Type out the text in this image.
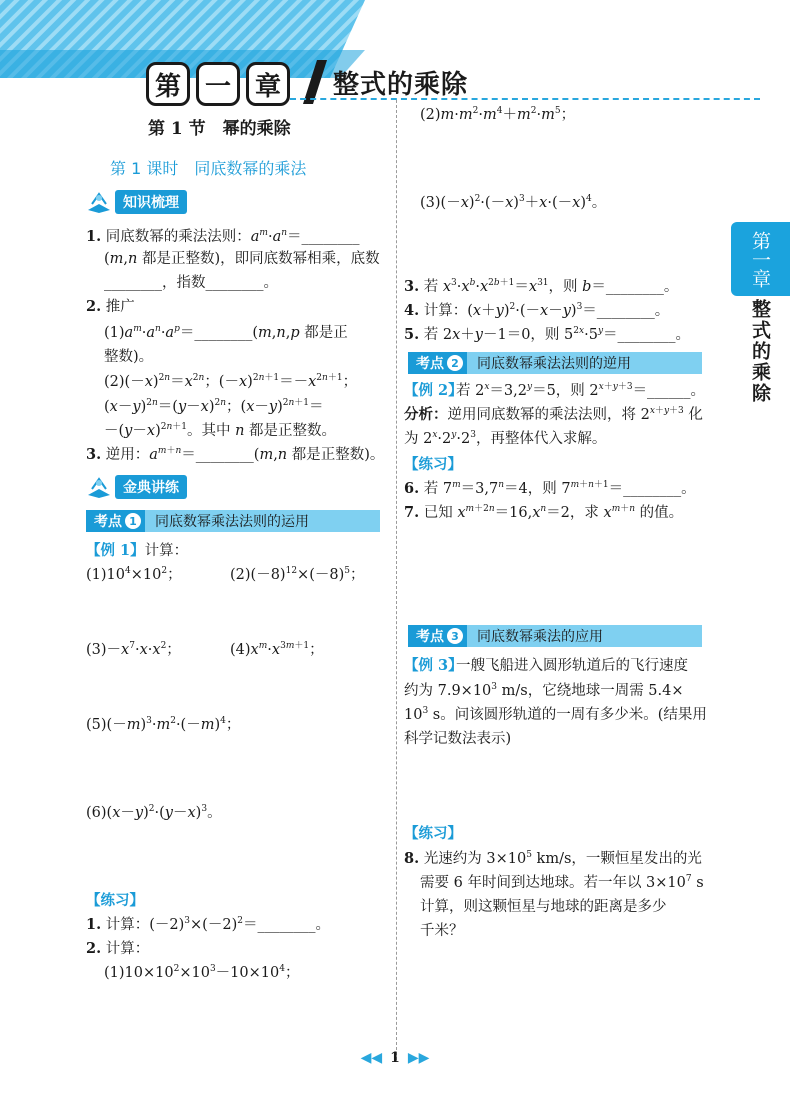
第 一 章	整式的乘除
第一章
整式的乘除
第 1 节　幂的乘除
第 1 课时　同底数幂的乘法
知识梳理
1. 同底数幂的乘法法则：$a^m\cdot a^n=\_\_\_\_\_\_\_\_$
(m,n 都是正整数)，即同底数幂相乘，底数
________，指数________。
2. 推广
$(1)a^m\cdot a^n\cdot a^p=\_\_\_\_\_\_\_\_(m,n,p$ 都是正
整数)。
$(2)(-x)^{2n}=x^{2n}$；$(-x)^{2n+1}=-x^{2n+1}$；
$(x-y)^{2n}=(y-x)^{2n}$；$(x-y)^{2n+1}=$
$-(y-x)^{2n+1}$。其中 n 都是正整数。
3. 逆用：$a^{m+n}=\_\_\_\_\_\_\_\_(m,n$ 都是正整数)。
金典讲练
考点 1	同底数幂乘法法则的运用
【例 1】计算：
$(1)10^4\times 10^2$；	$(2)(-8)^{12}\times(-8)^5$；
$(3)-x^7\cdot x\cdot x^2$；	$(4)x^m\cdot x^{3m+1}$；
$(5)(-m)^3\cdot m^2\cdot(-m)^4$；
$(6)(x-y)^2\cdot(y-x)^3$。
【练习】
1. 计算：$(-2)^3\times(-2)^2=\_\_\_\_\_\_\_\_$。
2. 计算：
$(1)10\times 10^2\times 10^3-10\times 10^4$；
$(2)m\cdot m^2\cdot m^4+m^2\cdot m^5$；
$(3)(-x)^2\cdot(-x)^3+x\cdot(-x)^4$。
3. 若 $x^3\cdot x^b\cdot x^{2b+1}=x^{31}$，则 b＝________。
4. 计算：$(x+y)^2\cdot(-x-y)^3=\_\_\_\_\_\_\_\_$。
5. 若 2x＋y－1＝0，则 $5^{2x}\cdot 5^y=\_\_\_\_\_\_\_\_$。
考点 2	同底数幂乘法法则的逆用
【例 2】
若 $2^x=3,2^y=5$，则 $2^{x+y+3}=\_\_\_\_\_\_$。
分析：逆用同底数幂的乘法法则，将 $2^{x+y+3}$ 化
为 $2^x\cdot 2^y\cdot 2^3$，再整体代入求解。
【练习】
6. 若 $7^m=3,7^n=4$，则 $7^{m+n+1}=\_\_\_\_\_\_\_\_$。
7. 已知 $x^{m+2n}=16,x^n=2$，求 $x^{m+n}$ 的值。
考点 3	同底数幂乘法的应用
【例 3】
一艘飞船进入圆形轨道后的飞行速度
约为 $7.9\times 10^3$ m/s，它绕地球一周需 5.4×
$10^3$ s。问该圆形轨道的一周有多少米。(结果用
科学记数法表示)
【练习】
8. 光速约为 $3\times 10^5$ km/s，一颗恒星发出的光
需要 6 年时间到达地球。若一年以 $3\times 10^7$ s
计算，则这颗恒星与地球的距离是多少
千米？
◀◀ 1 ▶▶
